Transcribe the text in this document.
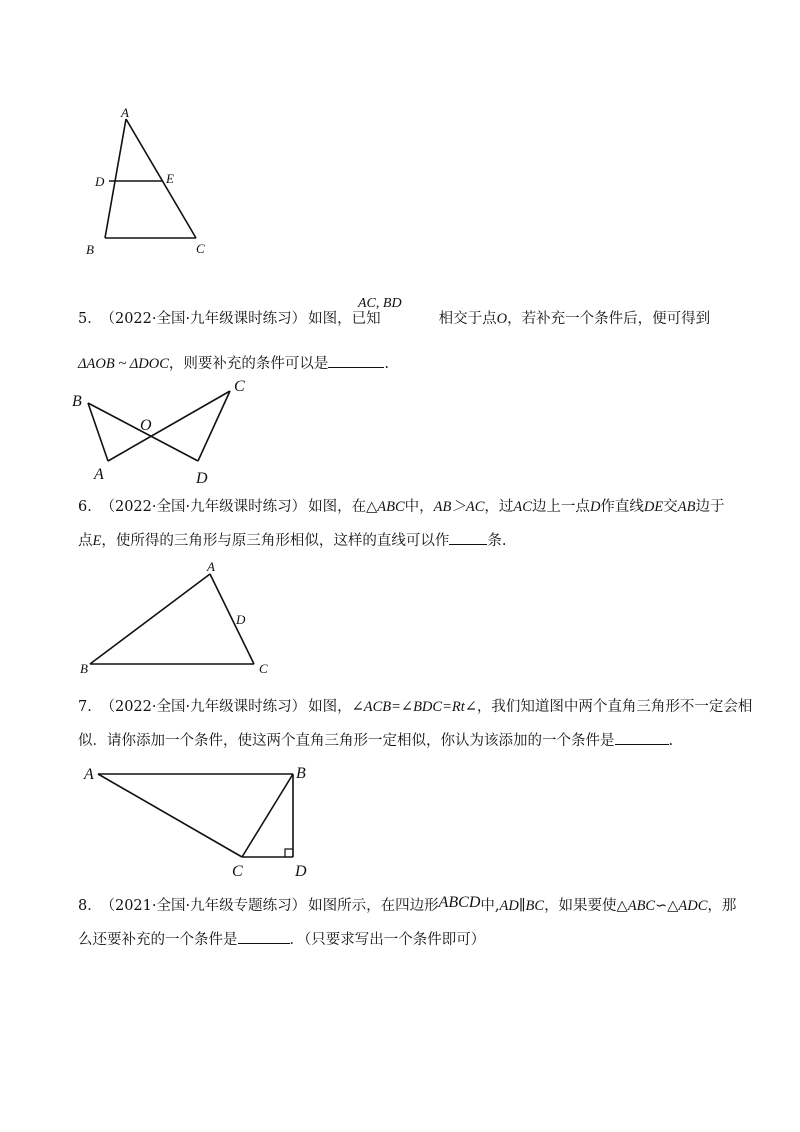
A
D	E
B	C
AC, BD
5． （2022·全国·九年级课时练习） 如图，已知	相交于点O，若补充一个条件后，便可得到
ΔAOB ~ ΔDOC，则要补充的条件可以是	.
B
C
O
A	D
6． （2022·全国·九年级课时练习） 如图，在△ABC中，AB＞AC，过AC边上一点D作直线DE交AB边于
点E，使所得的三角形与原三角形相似，这样的直线可以作	条.
A
D
B	C
7． （2022·全国·九年级课时练习） 如图，∠ACB=∠BDC=Rt∠，我们知道图中两个直角三角形不一定会相
似．请你添加一个条件，使这两个直角三角形一定相似，你认为该添加的一个条件是	.
A	B
C	D
8． （2021·全国·九年级专题练习） 如图所示，在四边形ABCD中,AD∥BC，如果要使△ABC∽△ADC，那
么还要补充的一个条件是	．（只要求写出一个条件即可）
